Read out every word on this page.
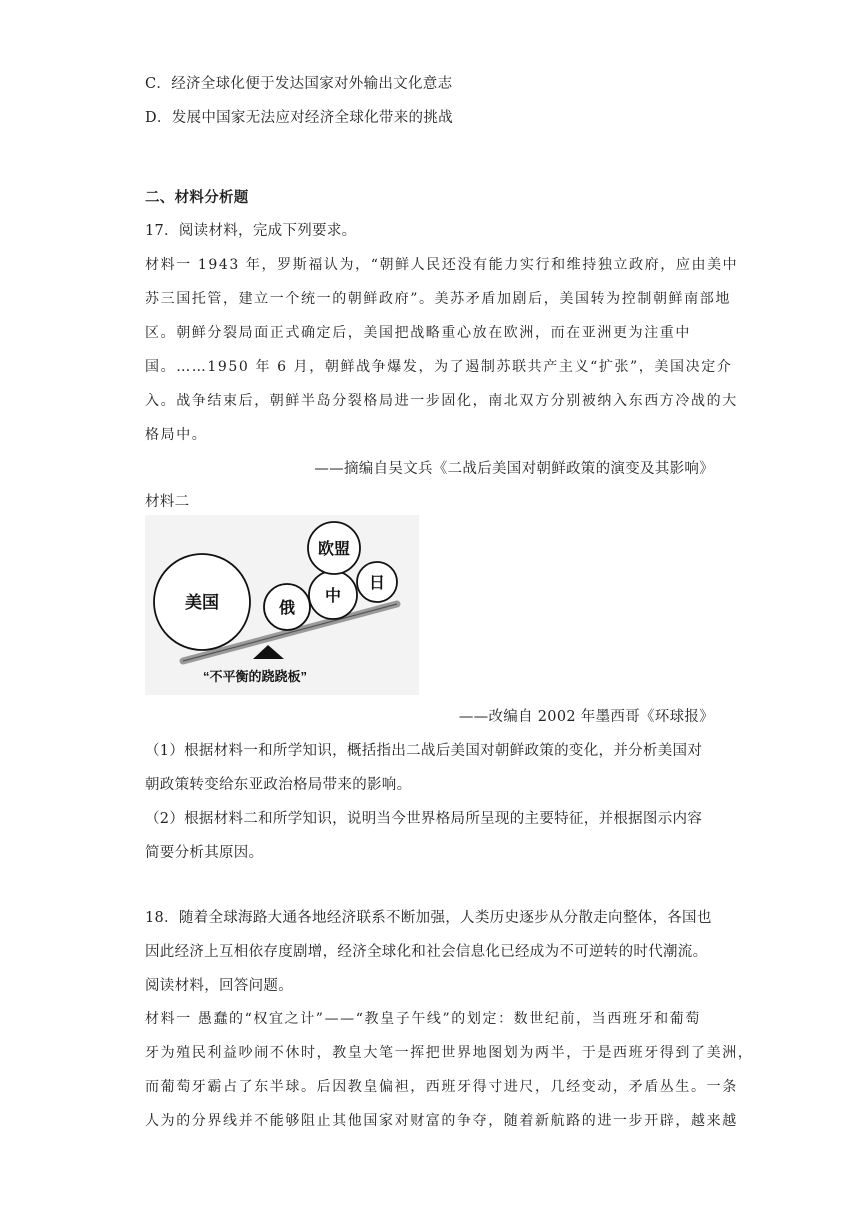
C．经济全球化便于发达国家对外输出文化意志
D．发展中国家无法应对经济全球化带来的挑战
二、材料分析题
17．阅读材料，完成下列要求。
材料一 1943 年，罗斯福认为，“朝鲜人民还没有能力实行和维持独立政府，应由美中
苏三国托管，建立一个统一的朝鲜政府”。美苏矛盾加剧后，美国转为控制朝鲜南部地
区。朝鲜分裂局面正式确定后，美国把战略重心放在欧洲，而在亚洲更为注重中
国。……1950 年 6 月，朝鲜战争爆发，为了遏制苏联共产主义“扩张”，美国决定介
入。战争结束后，朝鲜半岛分裂格局进一步固化，南北双方分别被纳入东西方冷战的大
格局中。
——摘编自吴文兵《二战后美国对朝鲜政策的演变及其影响》
材料二
美国	俄
中
欧盟
日
“不平衡的跷跷板”
——改编自 2002 年墨西哥《环球报》
（1）根据材料一和所学知识，概括指出二战后美国对朝鲜政策的变化，并分析美国对
朝政策转变给东亚政治格局带来的影响。
（2）根据材料二和所学知识，说明当今世界格局所呈现的主要特征，并根据图示内容
简要分析其原因。
18．随着全球海路大通各地经济联系不断加强，人类历史逐步从分散走向整体，各国也
因此经济上互相依存度剧增，经济全球化和社会信息化已经成为不可逆转的时代潮流。
阅读材料，回答问题。
材料一 愚蠢的“权宜之计”——“教皇子午线”的划定：数世纪前，当西班牙和葡萄
牙为殖民利益吵闹不休时，教皇大笔一挥把世界地图划为两半，于是西班牙得到了美洲，
而葡萄牙霸占了东半球。后因教皇偏袒，西班牙得寸进尺，几经变动，矛盾丛生。一条
人为的分界线并不能够阻止其他国家对财富的争夺，随着新航路的进一步开辟，越来越
